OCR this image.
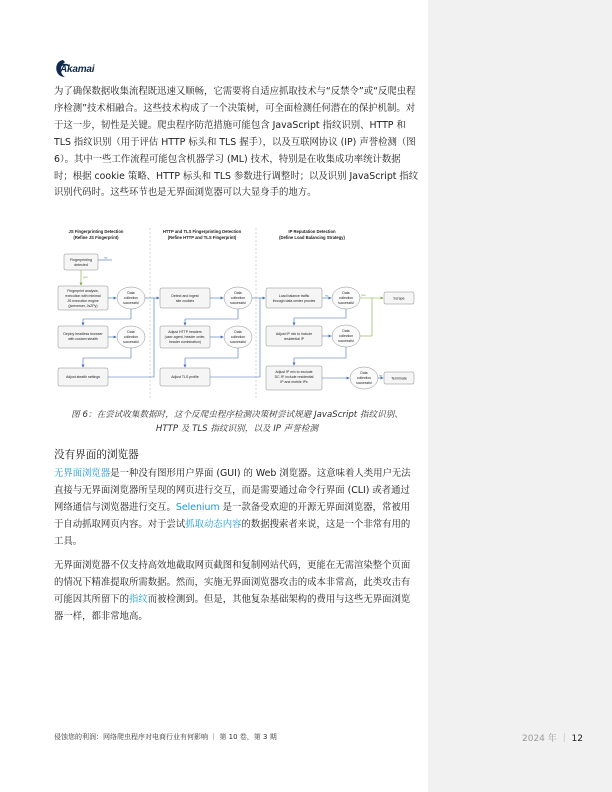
Akamai
为了确保数据收集流程既迅速又顺畅，它需要将自适应抓取技术与“反禁令”或“反爬虫程序检测”技术相融合。这些技术构成了一个决策树，可全面检测任何潜在的保护机制。对于这一步，韧性是关键。爬虫程序防范措施可能包含 JavaScript 指纹识别、HTTP 和 TLS 指纹识别（用于评估 HTTP 标头和 TLS 握手），以及互联网协议 (IP) 声誉检测（图 6）。其中一些工作流程可能包含机器学习 (ML) 技术，特别是在收集成功率统计数据时；根据 cookie 策略、HTTP 标头和 TLS 参数进行调整时；以及识别 JavaScript 指纹识别代码时。这些环节也是无界面浏览器可以大显身手的地方。
JS Fingerprinting Detection
(Refine JS Fingerprint)
HTTP and TLS Fingerprinting Detection
(Refine HTTP and TLS Fingerprint)
IP Reputation Detection
(Define Load Balancing Strategy)
Fingerprinting
detected
Fingerprint analysis,
execution with minimal
JS execution engine
(jsreverser, JsZPy)
Deploy headless browser
with custom stealth
Adjust stealth settings
Data
collection
successful
Data
collection
successful
Detect and ingest
site cookies
Adjust HTTP headers
(user-agent, header order,
header combination)
Adjust TLS profile
Data
collection
successful
Data
collection
successful
Load balance traffic
through data center proxies
Adjust IP mix to include
residential IP
Adjust IP mix to exclude
DC IP, include residential
IP and mobile IPs
Data
collection
successful
Data
collection
successful
Data
collection
successful
Scrape
Terminate
no
yes
yes
no
no
图 6：在尝试收集数据时，这个反爬虫程序检测决策树尝试规避 JavaScript 指纹识别、HTTP 及 TLS 指纹识别，以及 IP 声誉检测
没有界面的浏览器
无界面浏览器是一种没有图形用户界面 (GUI) 的 Web 浏览器。这意味着人类用户无法直接与无界面浏览器所呈现的网页进行交互，而是需要通过命令行界面 (CLI) 或者通过网络通信与浏览器进行交互。Selenium 是一款备受欢迎的开源无界面浏览器，常被用于自动抓取网页内容。对于尝试抓取动态内容的数据搜索者来说，这是一个非常有用的工具。
无界面浏览器不仅支持高效地截取网页截图和复制网站代码，更能在无需渲染整个页面的情况下精准提取所需数据。然而，实施无界面浏览器攻击的成本非常高，此类攻击有可能因其所留下的指纹而被检测到。但是，其他复杂基础架构的费用与这些无界面浏览器一样，都非常地高。
侵蚀您的利润：网络爬虫程序对电商行业有何影响 ｜ 第 10 卷，第 3 期	2024 年 ｜ 12
